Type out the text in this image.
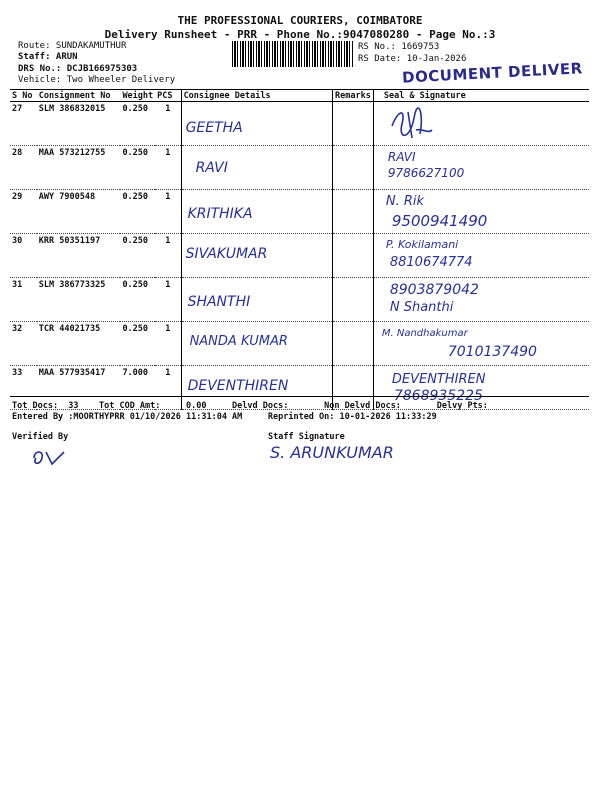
THE PROFESSIONAL COURIERS, COIMBATORE
Delivery Runsheet - PRR - Phone No.:9047080280 - Page No.:3
Route: SUNDAKAMUTHUR
Staff: ARUN
DRS No.: DCJB166975303
Vehicle: Two Wheeler Delivery
RS No.: 1669753
RS Date: 10-Jan-2026
DOCUMENT DELIVER
S No	Consignment No	Weight	PCS	Consignee Details	Remarks	Seal & Signature
27	SLM 386832015	0.250	1	GEETHA

28	MAA 573212755	0.250	1	RAVI		RAVI
9786627100

29	AWY 7900548	0.250	1	KRITHIKA		N. Rik
9500941490

30	KRR 50351197	0.250	1	SIVAKUMAR		P. Kokilamani
8810674774

31	SLM 386773325	0.250	1	SHANTHI		8903879042
N Shanthi

32	TCR 44021735	0.250	1	NANDA KUMAR		M. Nandhakumar
7010137490

33	MAA 577935417	7.000	1	DEVENTHIREN		DEVENTHIREN
7868935225
Tot Docs:  33    Tot COD Amt:     0.00     Delvd Docs:       Non Delvd Docs:       Delvy Pts:
Entered By :MOORTHYPRR 01/10/2026 11:31:04 AM     Reprinted On: 10-01-2026 11:33:29
Verified By	Staff Signature
S. ARUNKUMAR
